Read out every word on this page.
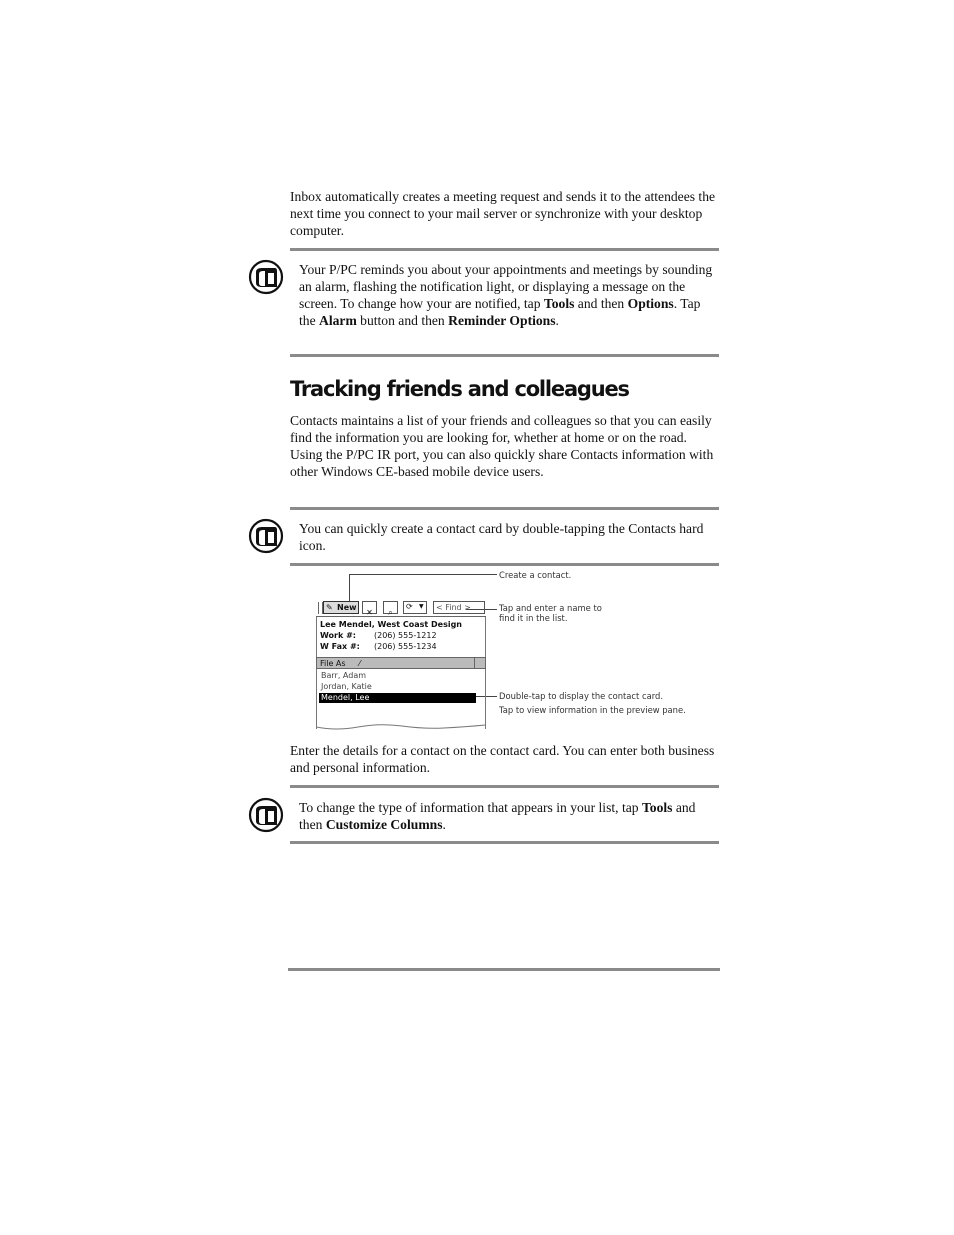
Inbox automatically creates a meeting request and sends it to the attendees the next time you connect to your mail server or synchronize with your desktop computer.

Your P/PC reminds you about your appointments and meetings by sounding an alarm, flashing the notification light, or displaying a message on the screen. To change how your are notified, tap Tools and then Options. Tap the Alarm button and then Reminder Options.

Tracking friends and colleagues

Contacts maintains a list of your friends and colleagues so that you can easily find the information you are looking for, whether at home or on the road. Using the P/PC IR port, you can also quickly share Contacts information with other Windows CE-based mobile device users.

You can quickly create a contact card by double-tapping the Contacts hard icon.

Create a contact.
Tap and enter a name to find it in the list.
Double-tap to display the contact card.
Tap to view information in the preview pane.
✎ New
✕	⌕
⟳ ▼ < Find >
Lee Mendel, West Coast Design
Work #: (206) 555-1212
W Fax #: (206) 555-1234
File As ⁄
Barr, Adam
Jordan, Katie
Mendel, Lee

Enter the details for a contact on the contact card. You can enter both business and personal information.

To change the type of information that appears in your list, tap Tools and then Customize Columns.
